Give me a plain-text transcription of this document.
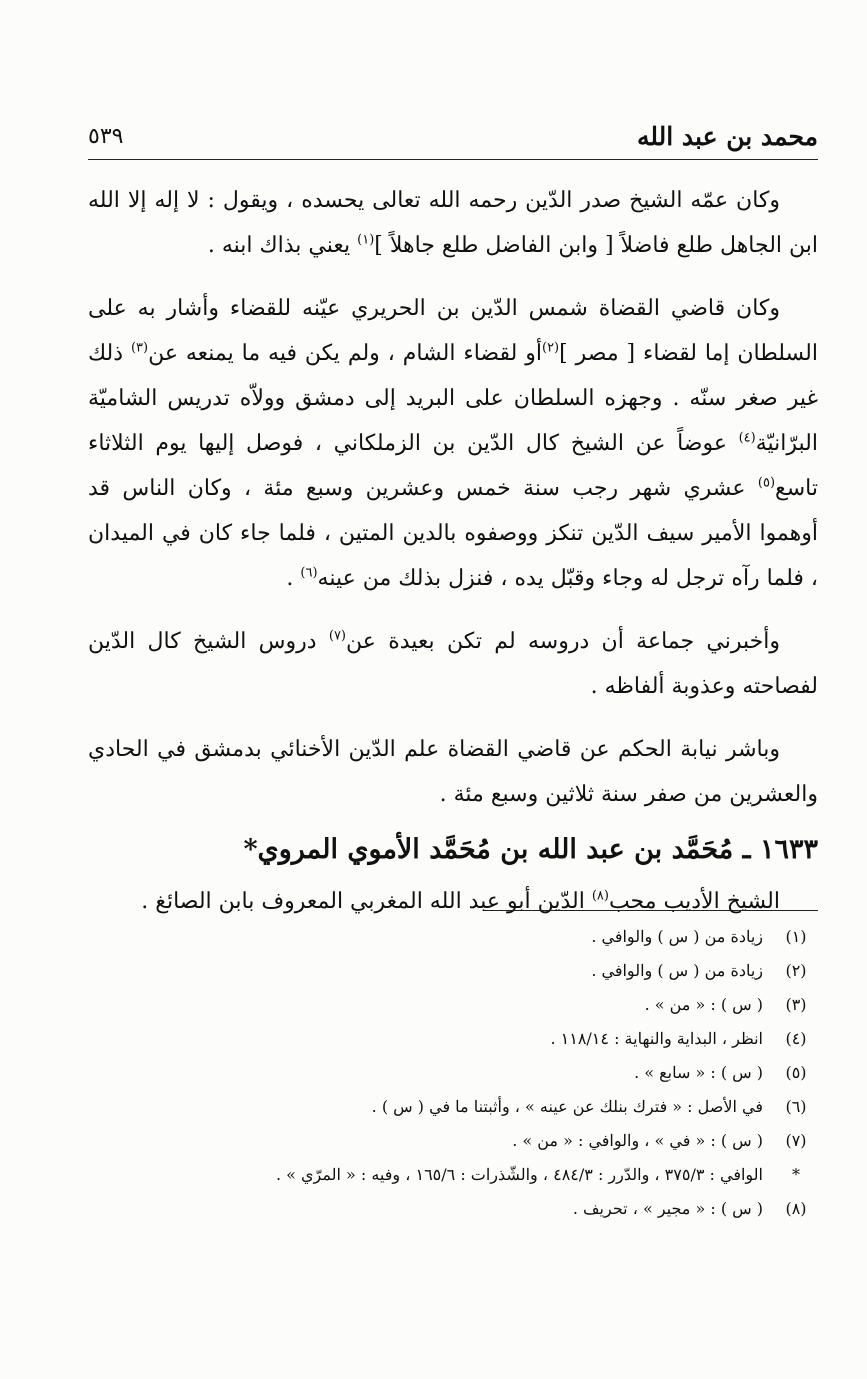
محمد بن عبد الله
٥٣٩

وكان عمّه الشيخ صدر الدّين رحمه الله تعالى يحسده ، ويقول : لا إله إلا الله ابن الجاهل طلع فاضلاً [ وابن الفاضل طلع جاهلاً ]$^{(١)}$ يعني بذاك ابنه .

وكان قاضي القضاة شمس الدّين بن الحريري عيّنه للقضاء وأشار به على السلطان إما لقضاء [ مصر ]$^{(٢)}$أو لقضاء الشام ، ولم يكن فيه ما يمنعه عن$^{(٣)}$ ذلك غير صغر سنّه . وجهزه السلطان على البريد إلى دمشق وولاّه تدريس الشاميّة البرّانيّة$^{(٤)}$ عوضاً عن الشيخ كال الدّين بن الزملكاني ، فوصل إليها يوم الثلاثاء تاسع$^{(٥)}$ عشري شهر رجب سنة خمس وعشرين وسبع مئة ، وكان الناس قد أوهموا الأمير سيف الدّين تنكز ووصفوه بالدين المتين ، فلما جاء كان في الميدان ، فلما رآه ترجل له وجاء وقبّل يده ، فنزل بذلك من عينه$^{(٦)}$ .

وأخبرني جماعة أن دروسه لم تكن بعيدة عن$^{(٧)}$ دروس الشيخ كال الدّين لفصاحته وعذوبة ألفاظه .

وباشر نيابة الحكم عن قاضي القضاة علم الدّين الأخنائي بدمشق في الحادي والعشرين من صفر سنة ثلاثين وسبع مئة .

١٦٣٣ ـ مُحَمَّد بن عبد الله بن مُحَمَّد الأموي المروي*

الشيخ الأديب محب$^{(٨)}$ الدّين أبو عبد الله المغربي المعروف بابن الصائغ .

(١)
زيادة من ( س ) والوافي .
(٢)
زيادة من ( س ) والوافي .
(٣)
( س ) : « من » .
(٤)
انظر ، البداية والنهاية : ١١٨/١٤ .
(٥)
( س ) : « سابع » .
(٦)
في الأصل : « فترك بنلك عن عينه » ، وأثبتنا ما في ( س ) .
(٧)
( س ) : « في » ، والوافي : « من » .
*
الوافي : ٣٧٥/٣ ، والدّرر : ٤٨٤/٣ ، والشّذرات : ١٦٥/٦ ، وفيه : « المرّي » .
(٨)
( س ) : « مجير » ، تحريف .
